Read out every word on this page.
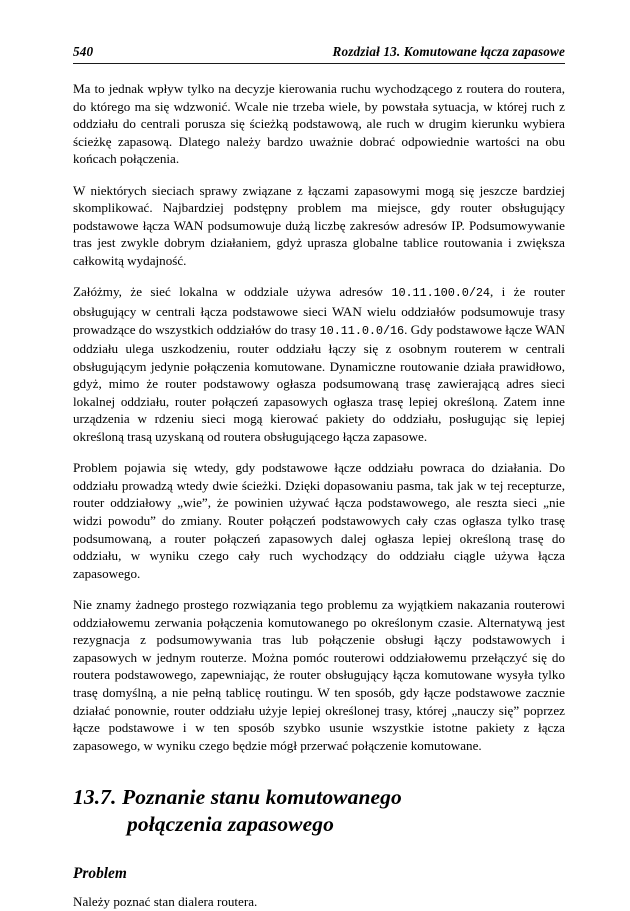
540	Rozdział 13. Komutowane łącza zapasowe

Ma to jednak wpływ tylko na decyzje kierowania ruchu wychodzącego z routera do routera, do którego ma się wdzwonić. Wcale nie trzeba wiele, by powstała sytuacja, w której ruch z oddziału do centrali porusza się ścieżką podstawową, ale ruch w drugim kierunku wybiera ścieżkę zapasową. Dlatego należy bardzo uważnie dobrać odpowiednie wartości na obu końcach połączenia.

W niektórych sieciach sprawy związane z łączami zapasowymi mogą się jeszcze bardziej skomplikować. Najbardziej podstępny problem ma miejsce, gdy router obsługujący podstawowe łącza WAN podsumowuje dużą liczbę zakresów adresów IP. Podsumowywanie tras jest zwykle dobrym działaniem, gdyż uprasza globalne tablice routowania i zwiększa całkowitą wydajność.

Załóżmy, że sieć lokalna w oddziale używa adresów 10.11.100.0/24, i że router obsługujący w centrali łącza podstawowe sieci WAN wielu oddziałów podsumowuje trasy prowadzące do wszystkich oddziałów do trasy 10.11.0.0/16. Gdy podstawowe łącze WAN oddziału ulega uszkodzeniu, router oddziału łączy się z osobnym routerem w centrali obsługującym jedynie połączenia komutowane. Dynamiczne routowanie działa prawidłowo, gdyż, mimo że router podstawowy ogłasza podsumowaną trasę zawierającą adres sieci lokalnej oddziału, router połączeń zapasowych ogłasza trasę lepiej określoną. Zatem inne urządzenia w rdzeniu sieci mogą kierować pakiety do oddziału, posługując się lepiej określoną trasą uzyskaną od routera obsługującego łącza zapasowe.

Problem pojawia się wtedy, gdy podstawowe łącze oddziału powraca do działania. Do oddziału prowadzą wtedy dwie ścieżki. Dzięki dopasowaniu pasma, tak jak w tej recepturze, router oddziałowy „wie”, że powinien używać łącza podstawowego, ale reszta sieci „nie widzi powodu” do zmiany. Router połączeń podstawowych cały czas ogłasza tylko trasę podsumowaną, a router połączeń zapasowych dalej ogłasza lepiej określoną trasę do oddziału, w wyniku czego cały ruch wychodzący do oddziału ciągle używa łącza zapasowego.

Nie znamy żadnego prostego rozwiązania tego problemu za wyjątkiem nakazania routerowi oddziałowemu zerwania połączenia komutowanego po określonym czasie. Alternatywą jest rezygnacja z podsumowywania tras lub połączenie obsługi łączy podstawowych i zapasowych w jednym routerze. Można pomóc routerowi oddziałowemu przełączyć się do routera podstawowego, zapewniając, że router obsługujący łącza komutowane wysyła tylko trasę domyślną, a nie pełną tablicę routingu. W ten sposób, gdy łącze podstawowe zacznie działać ponownie, router oddziału użyje lepiej określonej trasy, której „nauczy się” poprzez łącze podstawowe i w ten sposób szybko usunie wszystkie istotne pakiety z łącza zapasowego, w wyniku czego będzie mógł przerwać połączenie komutowane.

13.7. Poznanie stanu komutowanego
połączenia zapasowego
Problem

Należy poznać stan dialera routera.
